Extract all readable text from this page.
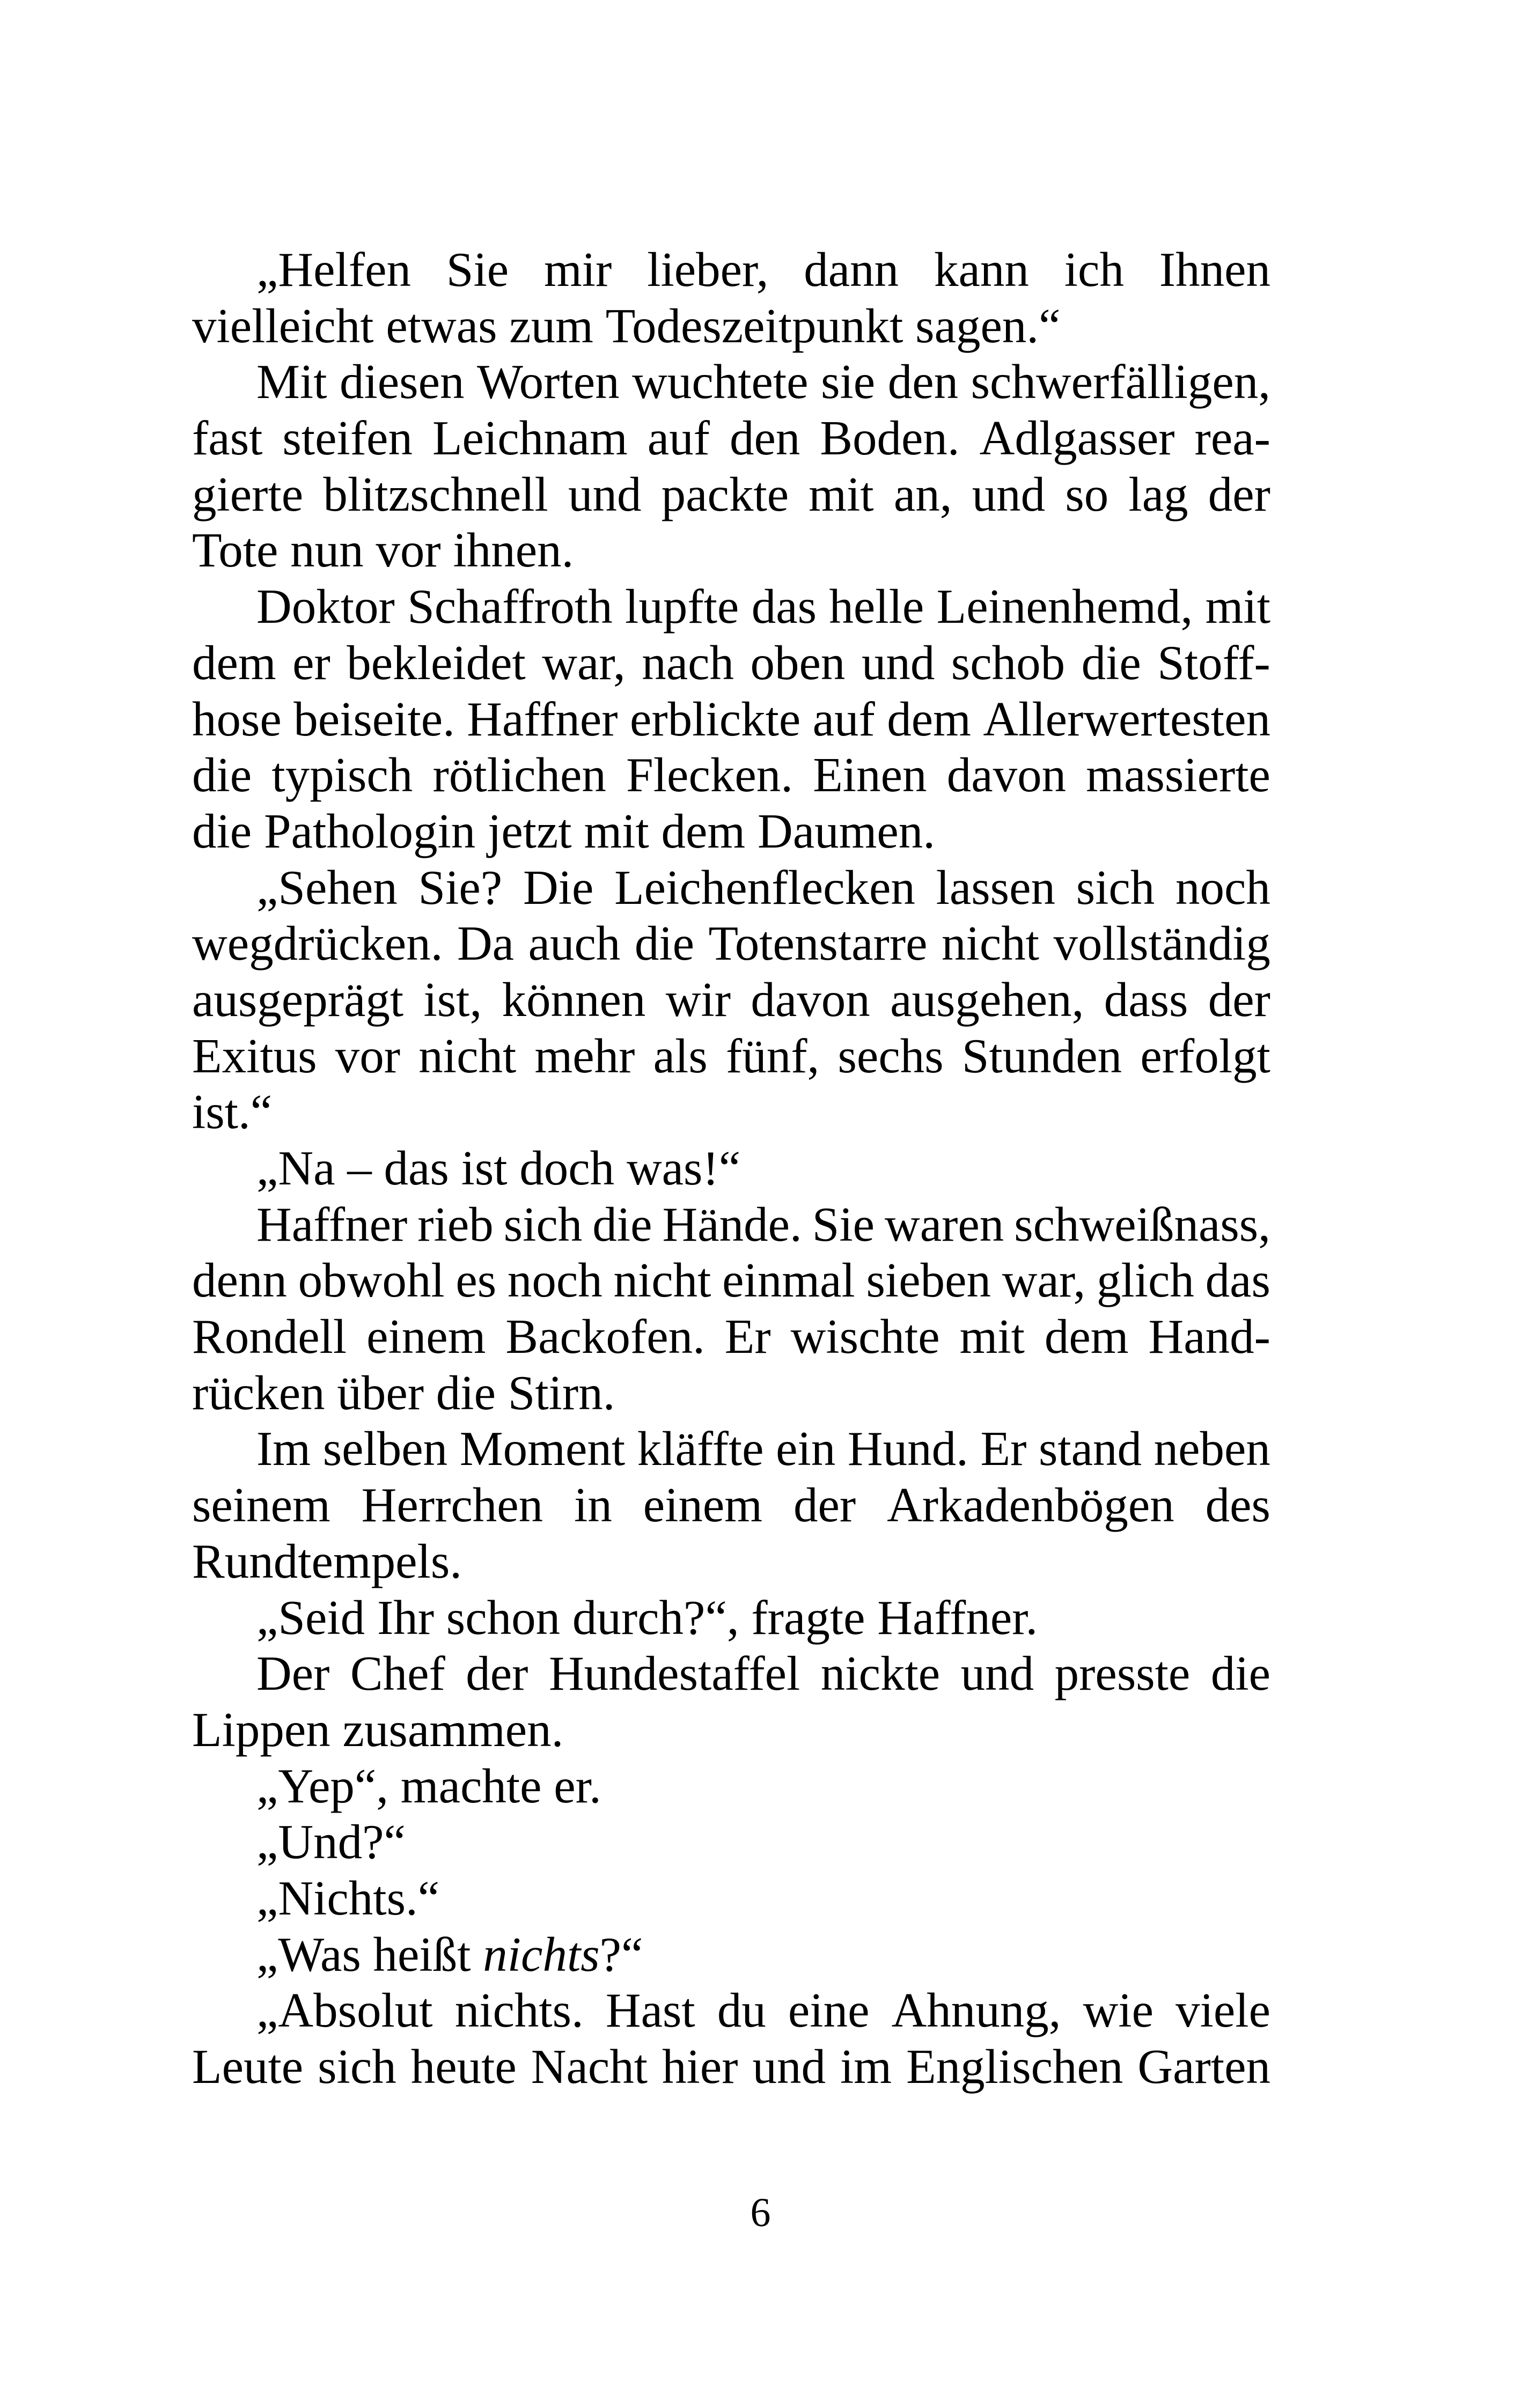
„Helfen Sie mir lieber, dann kann ich Ihnen
vielleicht etwas zum Todeszeitpunkt sagen.“
Mit diesen Worten wuchtete sie den schwerfälligen,
fast steifen Leichnam auf den Boden. Adlgasser rea-
gierte blitzschnell und packte mit an, und so lag der
Tote nun vor ihnen.
Doktor Schaffroth lupfte das helle Leinenhemd, mit
dem er bekleidet war, nach oben und schob die Stoff-
hose beiseite. Haffner erblickte auf dem Allerwertesten
die typisch rötlichen Flecken. Einen davon massierte
die Pathologin jetzt mit dem Daumen.
„Sehen Sie? Die Leichenflecken lassen sich noch
wegdrücken. Da auch die Totenstarre nicht vollständig
ausgeprägt ist, können wir davon ausgehen, dass der
Exitus vor nicht mehr als fünf, sechs Stunden erfolgt
ist.“
„Na – das ist doch was!“
Haffner rieb sich die Hände. Sie waren schweißnass,
denn obwohl es noch nicht einmal sieben war, glich das
Rondell einem Backofen. Er wischte mit dem Hand-
rücken über die Stirn.
Im selben Moment kläffte ein Hund. Er stand neben
seinem Herrchen in einem der Arkadenbögen des
Rundtempels.
„Seid Ihr schon durch?“, fragte Haffner.
Der Chef der Hundestaffel nickte und presste die
Lippen zusammen.
„Yep“, machte er.
„Und?“
„Nichts.“
„Was heißt nichts?“
„Absolut nichts. Hast du eine Ahnung, wie viele
Leute sich heute Nacht hier und im Englischen Garten
6
